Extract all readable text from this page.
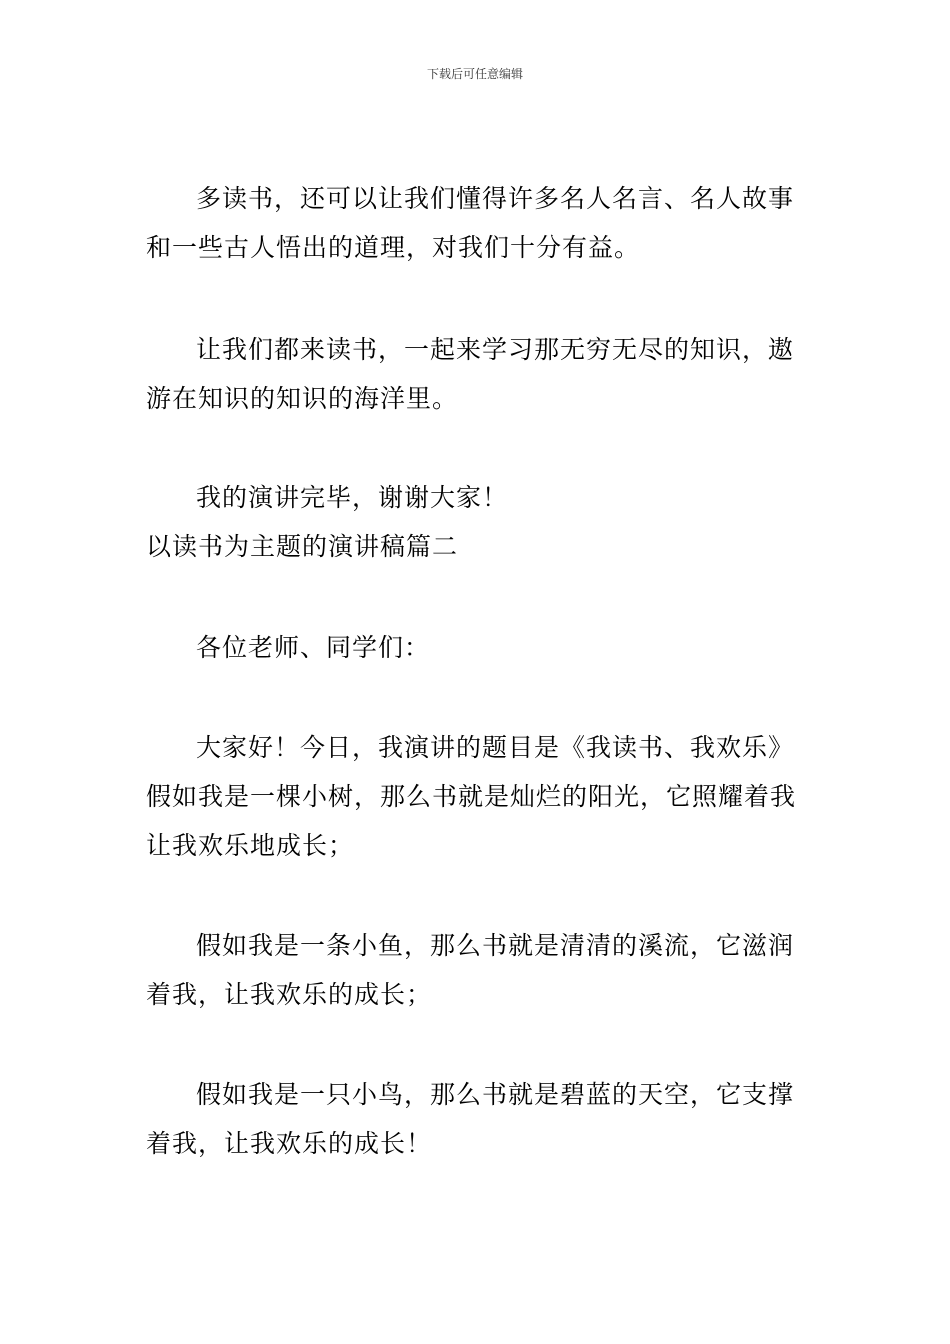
下载后可任意编辑
多读书，还可以让我们懂得许多名人名言、名人故事
和一些古人悟出的道理，对我们十分有益。
让我们都来读书，一起来学习那无穷无尽的知识，遨
游在知识的知识的海洋里。
我的演讲完毕，谢谢大家！
以读书为主题的演讲稿篇二
各位老师、同学们：
大家好！今日，我演讲的题目是《我读书、我欢乐》
假如我是一棵小树，那么书就是灿烂的阳光，它照耀着我
让我欢乐地成长；
假如我是一条小鱼，那么书就是清清的溪流，它滋润
着我，让我欢乐的成长；
假如我是一只小鸟，那么书就是碧蓝的天空，它支撑
着我，让我欢乐的成长！
